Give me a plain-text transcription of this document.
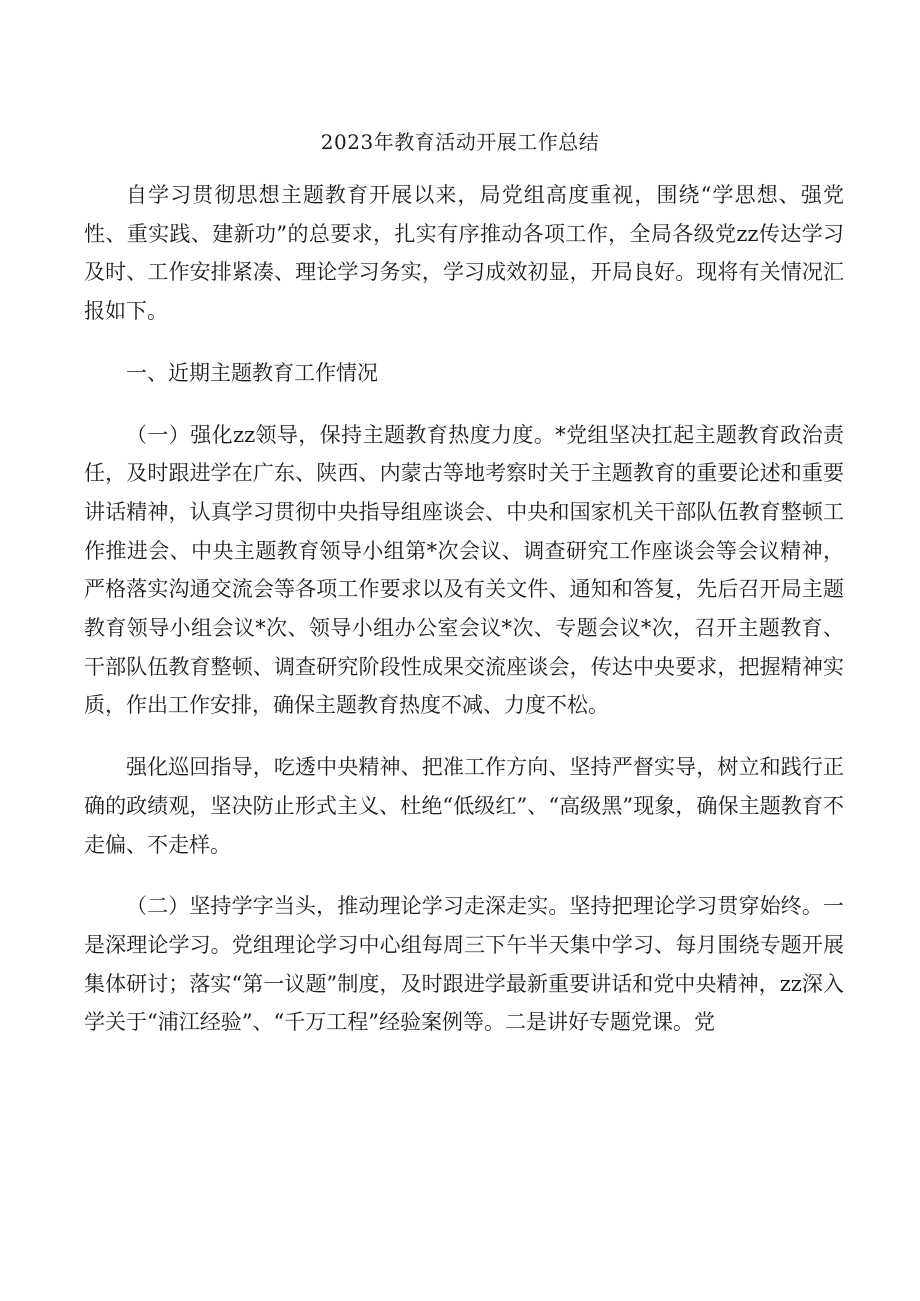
2023年教育活动开展工作总结

自学习贯彻思想主题教育开展以来，局党组高度重视，围绕“学思想、强党性、重实践、建新功”的总要求，扎实有序推动各项工作，全局各级党zz传达学习及时、工作安排紧凑、理论学习务实，学习成效初显，开局良好。现将有关情况汇报如下。

一、近期主题教育工作情况

（一）强化zz领导，保持主题教育热度力度。*党组坚决扛起主题教育政治责任，及时跟进学在广东、陕西、内蒙古等地考察时关于主题教育的重要论述和重要讲话精神，认真学习贯彻中央指导组座谈会、中央和国家机关干部队伍教育整顿工作推进会、中央主题教育领导小组第*次会议、调查研究工作座谈会等会议精神，严格落实沟通交流会等各项工作要求以及有关文件、通知和答复，先后召开局主题教育领导小组会议*次、领导小组办公室会议*次、专题会议*次，召开主题教育、干部队伍教育整顿、调查研究阶段性成果交流座谈会，传达中央要求，把握精神实质，作出工作安排，确保主题教育热度不减、力度不松。

强化巡回指导，吃透中央精神、把准工作方向、坚持严督实导，树立和践行正确的政绩观，坚决防止形式主义、杜绝“低级红”、“高级黑”现象，确保主题教育不走偏、不走样。

（二）坚持学字当头，推动理论学习走深走实。坚持把理论学习贯穿始终。一是深理论学习。党组理论学习中心组每周三下午半天集中学习、每月围绕专题开展集体研讨；落实“第一议题”制度，及时跟进学最新重要讲话和党中央精神，zz深入学关于“浦江经验”、“千万工程”经验案例等。二是讲好专题党课。党
